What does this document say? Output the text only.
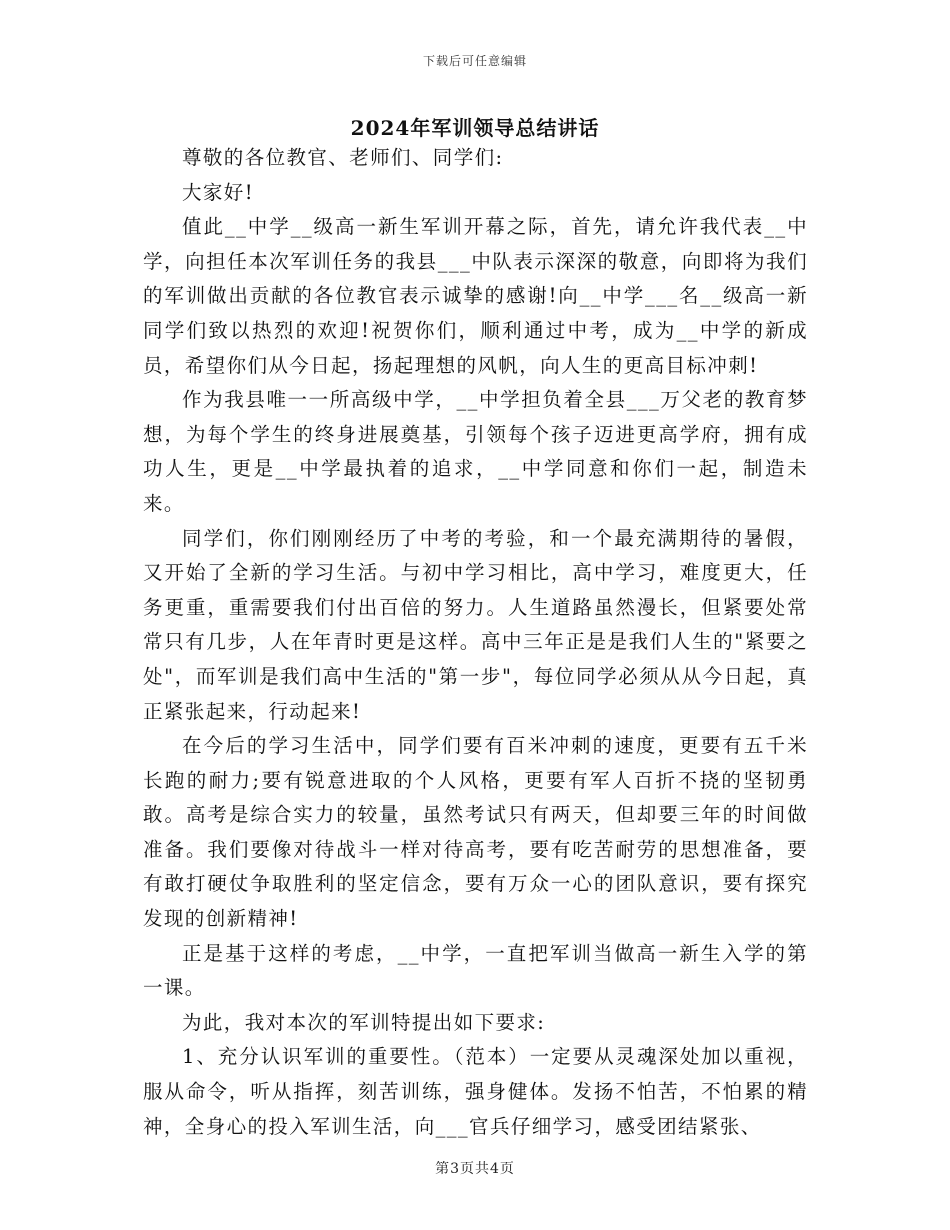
下载后可任意编辑
2024年军训领导总结讲话

尊敬的各位教官、老师们、同学们:

大家好!

值此__中学__级高一新生军训开幕之际，首先，请允许我代表__中学，向担任本次军训任务的我县___中队表示深深的敬意，向即将为我们的军训做出贡献的各位教官表示诚挚的感谢!向__中学___名__级高一新同学们致以热烈的欢迎!祝贺你们，顺利通过中考，成为__中学的新成员，希望你们从今日起，扬起理想的风帆，向人生的更高目标冲刺!

作为我县唯一一所高级中学，__中学担负着全县___万父老的教育梦想，为每个学生的终身进展奠基，引领每个孩子迈进更高学府，拥有成功人生，更是__中学最执着的追求，__中学同意和你们一起，制造未来。

同学们，你们刚刚经历了中考的考验，和一个最充满期待的暑假，又开始了全新的学习生活。与初中学习相比，高中学习，难度更大，任务更重，重需要我们付出百倍的努力。人生道路虽然漫长，但紧要处常常只有几步，人在年青时更是这样。高中三年正是是我们人生的"紧要之处"，而军训是我们高中生活的"第一步"，每位同学必须从从今日起，真正紧张起来，行动起来!

在今后的学习生活中，同学们要有百米冲刺的速度，更要有五千米长跑的耐力;要有锐意进取的个人风格，更要有军人百折不挠的坚韧勇敢。高考是综合实力的较量，虽然考试只有两天，但却要三年的时间做准备。我们要像对待战斗一样对待高考，要有吃苦耐劳的思想准备，要有敢打硬仗争取胜利的坚定信念，要有万众一心的团队意识，要有探究发现的创新精神!

正是基于这样的考虑，__中学，一直把军训当做高一新生入学的第一课。

为此，我对本次的军训特提出如下要求:

1、充分认识军训的重要性。（范本）一定要从灵魂深处加以重视，服从命令，听从指挥，刻苦训练，强身健体。发扬不怕苦，不怕累的精神，全身心的投入军训生活，向___官兵仔细学习，感受团结紧张、

第3页共4页
